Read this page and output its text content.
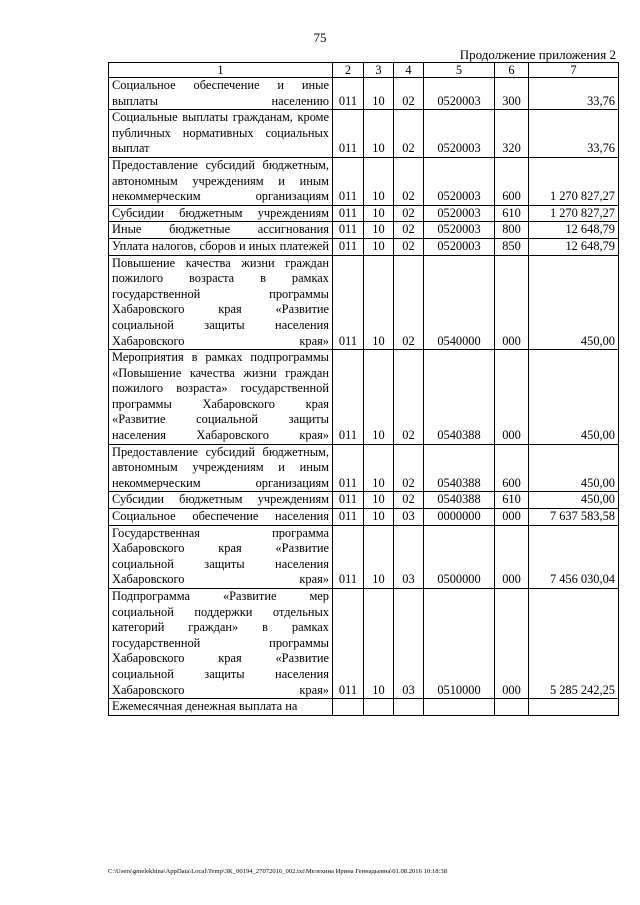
75
Продолжение приложения 2
1	2	3	4	5	6	7
Социальное обеспечение и иные выплаты населению	011	10	02	0520003	300	33,76
Социальные выплаты гражданам, кроме публичных нормативных социальных выплат	011	10	02	0520003	320	33,76
Предоставление субсидий бюджетным, автономным учреждениям и иным некоммерческим организациям	011	10	02	0520003	600	1 270 827,27
Субсидии бюджетным учреждениям	011	10	02	0520003	610	1 270 827,27
Иные бюджетные ассигнования	011	10	02	0520003	800	12 648,79
Уплата налогов, сборов и иных платежей	011	10	02	0520003	850	12 648,79
Повышение качества жизни граждан пожилого возраста в рамках государственной программы Хабаровского края «Развитие социальной защиты населения Хабаровского края»	011	10	02	0540000	000	450,00
Мероприятия в рамках подпрограммы «Повышение качества жизни граждан пожилого возраста» государственной программы Хабаровского края «Развитие социальной защиты населения Хабаровского края»	011	10	02	0540388	000	450,00
Предоставление субсидий бюджетным, автономным учреждениям и иным некоммерческим организациям	011	10	02	0540388	600	450,00
Субсидии бюджетным учреждениям	011	10	02	0540388	610	450,00
Социальное обеспечение населения	011	10	03	0000000	000	7 637 583,58
Государственная программа Хабаровского края «Развитие социальной защиты населения Хабаровского края»	011	10	03	0500000	000	7 456 030,04
Подпрограмма «Развитие мер социальной поддержки отдельных категорий граждан» в рамках государственной программы Хабаровского края «Развитие социальной защиты населения Хабаровского края»	011	10	03	0510000	000	5 285 242,25
Ежемесячная денежная выплата на						
C:\Users\gmelekhina\AppData\Local\Temp\3K_00194_27072016_002.txt\Мелехина Ирина Геннадьевна\01.08.2016 10:18:38
